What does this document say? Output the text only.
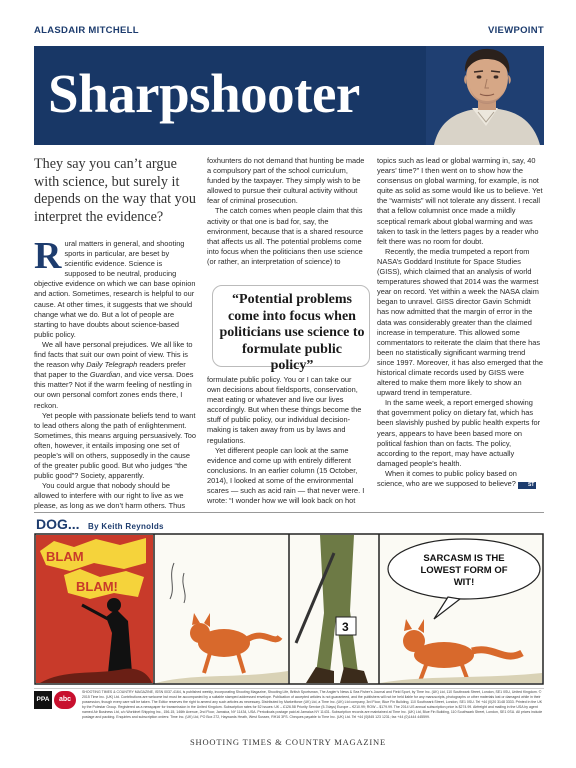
ALASDAIR MITCHELL	VIEWPOINT
Sharpshooter
They say you can’t argue with science, but surely it depends on the way that you interpret the evidence?

Rural matters in general, and shooting sports in particular, are beset by scientific evidence. Science is supposed to be neutral, producing objective evidence on which we can base opinion and action. Sometimes, research is helpful to our cause. At other times, it suggests that we should change what we do. But a lot of people are starting to have doubts about science-based public policy.

We all have personal prejudices. We all like to find facts that suit our own point of view. This is the reason why Daily Telegraph readers prefer that paper to the Guardian, and vice versa. Does this matter? Not if the warm feeling of nestling in our own personal comfort zones ends there, I reckon.

Yet people with passionate beliefs tend to want to lead others along the path of enlightenment. Sometimes, this means arguing persuasively. Too often, however, it entails imposing one set of people’s will on others, supposedly in the cause of the greater public good. But who judges “the public good”? Society, apparently.

You could argue that nobody should be allowed to interfere with our right to live as we please, as long as we don’t harm others. Thus

foxhunters do not demand that hunting be made a compulsory part of the school curriculum, funded by the taxpayer. They simply wish to be allowed to pursue their cultural activity without fear of criminal prosecution.

The catch comes when people claim that this activity or that one is bad for, say, the environment, because that is a shared resource that affects us all. The potential problems come into focus when the politicians then use science (or rather, an interpretation of science) to

“Potential problems come into focus when politicians use science to formulate public policy”

formulate public policy. You or I can take our own decisions about fieldsports, conservation, meat eating or whatever and live our lives accordingly. But when these things become the stuff of public policy, our individual decision-making is taken away from us by laws and regulations.

Yet different people can look at the same evidence and come up with entirely different conclusions. In an earlier column (15 October, 2014), I looked at some of the environmental scares — such as acid rain — that never were. I wrote: “I wonder how we will look back on hot

topics such as lead or global warming in, say, 40 years’ time?” I then went on to show how the consensus on global warming, for example, is not quite as solid as some would like us to believe. Yet the “warmists” will not tolerate any dissent. I recall that a fellow columnist once made a mildly sceptical remark about global warming and was taken to task in the letters pages by a reader who felt there was no room for doubt.

Recently, the media trumpeted a report from NASA’s Goddard Institute for Space Studies (GISS), which claimed that an analysis of world temperatures showed that 2014 was the warmest year on record. Yet within a week the NASA claim began to unravel. GISS director Gavin Schmidt has now admitted that the margin of error in the data was considerably greater than the claimed increase in temperature. This allowed some commentators to reiterate the claim that there has been no statistically significant warming trend since 1997. Moreover, it has also emerged that the historical climate records used by GISS were altered to make them more likely to show an upward trend in temperature.

In the same week, a report emerged showing that government policy on dietary fat, which has been slavishly pushed by public health experts for years, appears to have been based more on political fashion than on facts. The policy, according to the report, may have actually damaged people’s health.

When it comes to public policy based on science, who are we supposed to believe? ST

DOG... By Keith Reynolds
BLAM
BLAM!
3
SARCASM IS THE
LOWEST FORM OF
WIT!
PPA	abc
SHOOTING TIMES & COUNTRY MAGAZINE, ISSN 0037-4164, is published weekly, incorporating Shooting Magazine, Shooting Life, British Sportsman, The Angler’s News & Sea Fisher’s Journal and Field Sport, by Time Inc. (UK) Ltd, 110 Southwark Street, London, SE1 0SU, United Kingdom. © 2015 Time Inc. (UK) Ltd. Contributions are welcome but must be accompanied by a suitable stamped addressed envelope. Publication of accepted articles is not guaranteed, and the publishers will not be held liable for any manuscripts, photographs or other materials lost or damaged while in their possession, though every care will be taken. The Editor reserves the right to amend any such articles as necessary. Distributed by Marketforce (UK) Ltd, a Time Inc. (UK) Ltd company, 3rd Floor, Blue Fin Building, 110 Southwark Street, London, SE1 0SU. Tel +44 (0)20 3148 3333. Printed in the UK by the Polestar Group. Registered as a newspaper for transmission in the United Kingdom. Subscription rates for 52 issues: UK – £126.58 Priority Service (5-7days) Europe – €210.99; ROW – $179.99. The 2014 US annual subscription price is $274.99. Airfreight and mailing in the USA by agent named Air Business Ltd, c/o Worldnet Shipping Inc., 156-15, 146th Avenue, 2nd Floor, Jamaica, NY 11434, USA. Periodicals postage paid at Jamaica NY 11431. Subscription records are maintained at Time Inc. (UK) Ltd, Blue Fin Building, 110 Southwark Street, London, SE1 0SU. All prices include postage and packing. Enquiries and subscription orders: Time Inc. (UK) Ltd, PO Box 272, Haywards Heath, West Sussex, RH16 3FS. Cheques payable to Time Inc. (UK) Ltd. Tel +44 (0)845 123 1231; fax +44 (0)1444 445599.
SHOOTING TIMES & COUNTRY MAGAZINE
